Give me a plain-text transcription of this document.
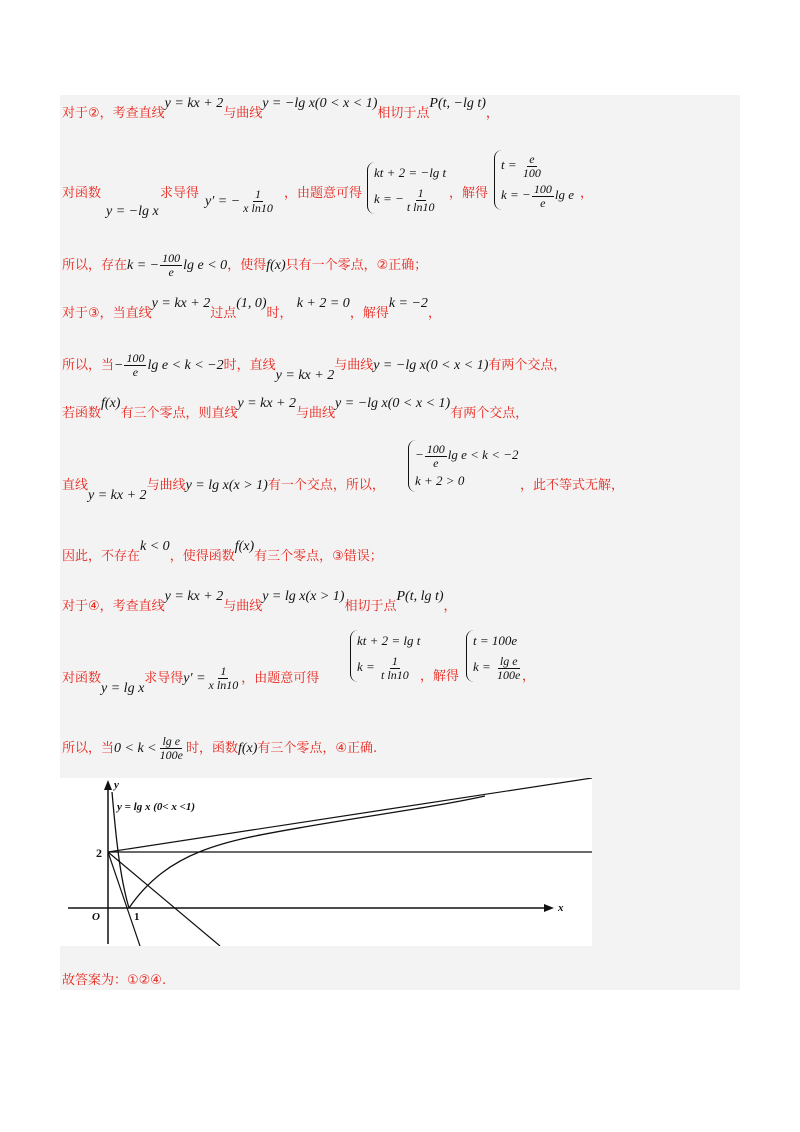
对于②，考查直线y = kx + 2与曲线y = −lg x(0 < x < 1)相切于点P(t, −lg t)，
对函数	求导得
y = −lg x
y′ = − $\frac{1}{\text{x ln10}}$ ，由题意可得
kt + 2 = −lg t
k = − $\frac{1}{\text{t ln10}}$ ，解得
$t = \frac{e}{100}$
k = − $\frac{100}{e}$ lg e ，
所以，存在k = − $\frac{100}{e}$ lg e < 0，使得f(x)只有一个零点，②正确；
对于③，当直线y = kx + 2过点(1, 0)时， k + 2 = 0，解得k = −2，
所以，当− $\frac{100}{e}$ lg e < k < −2时，直线y = kx + 2与曲线y = −lg x(0 < x < 1)有两个交点，
若函数f(x)有三个零点，则直线y = kx + 2与曲线y = −lg x(0 < x < 1)有两个交点，
直线y = kx + 2与曲线y = lg x(x > 1)有一个交点，所以，
− $\frac{100}{e}$ lg e < k < −2
k + 2 > 0	，此不等式无解，
因此，不存在k < 0，使得函数f(x)有三个零点，③错误；
对于④，考查直线y = kx + 2与曲线y = lg x(x > 1)相切于点P(t, lg t)，
对函数y = lg x求导得$y' = \frac{1}{\text{x ln10}}$ ，由题意可得
kt + 2 = lg t
$k = \frac{1}{\text{t ln10}}$ ，解得
t = 100e
$k = \frac{\text{lg e}}{100e}$ ，
所以，当$0 < k < \frac{\text{lg e}}{100e}$ 时，函数f(x)有三个零点，④正确.
y = lg x (0< x <1)
y
x
O
2
1
故答案为：①②④.
